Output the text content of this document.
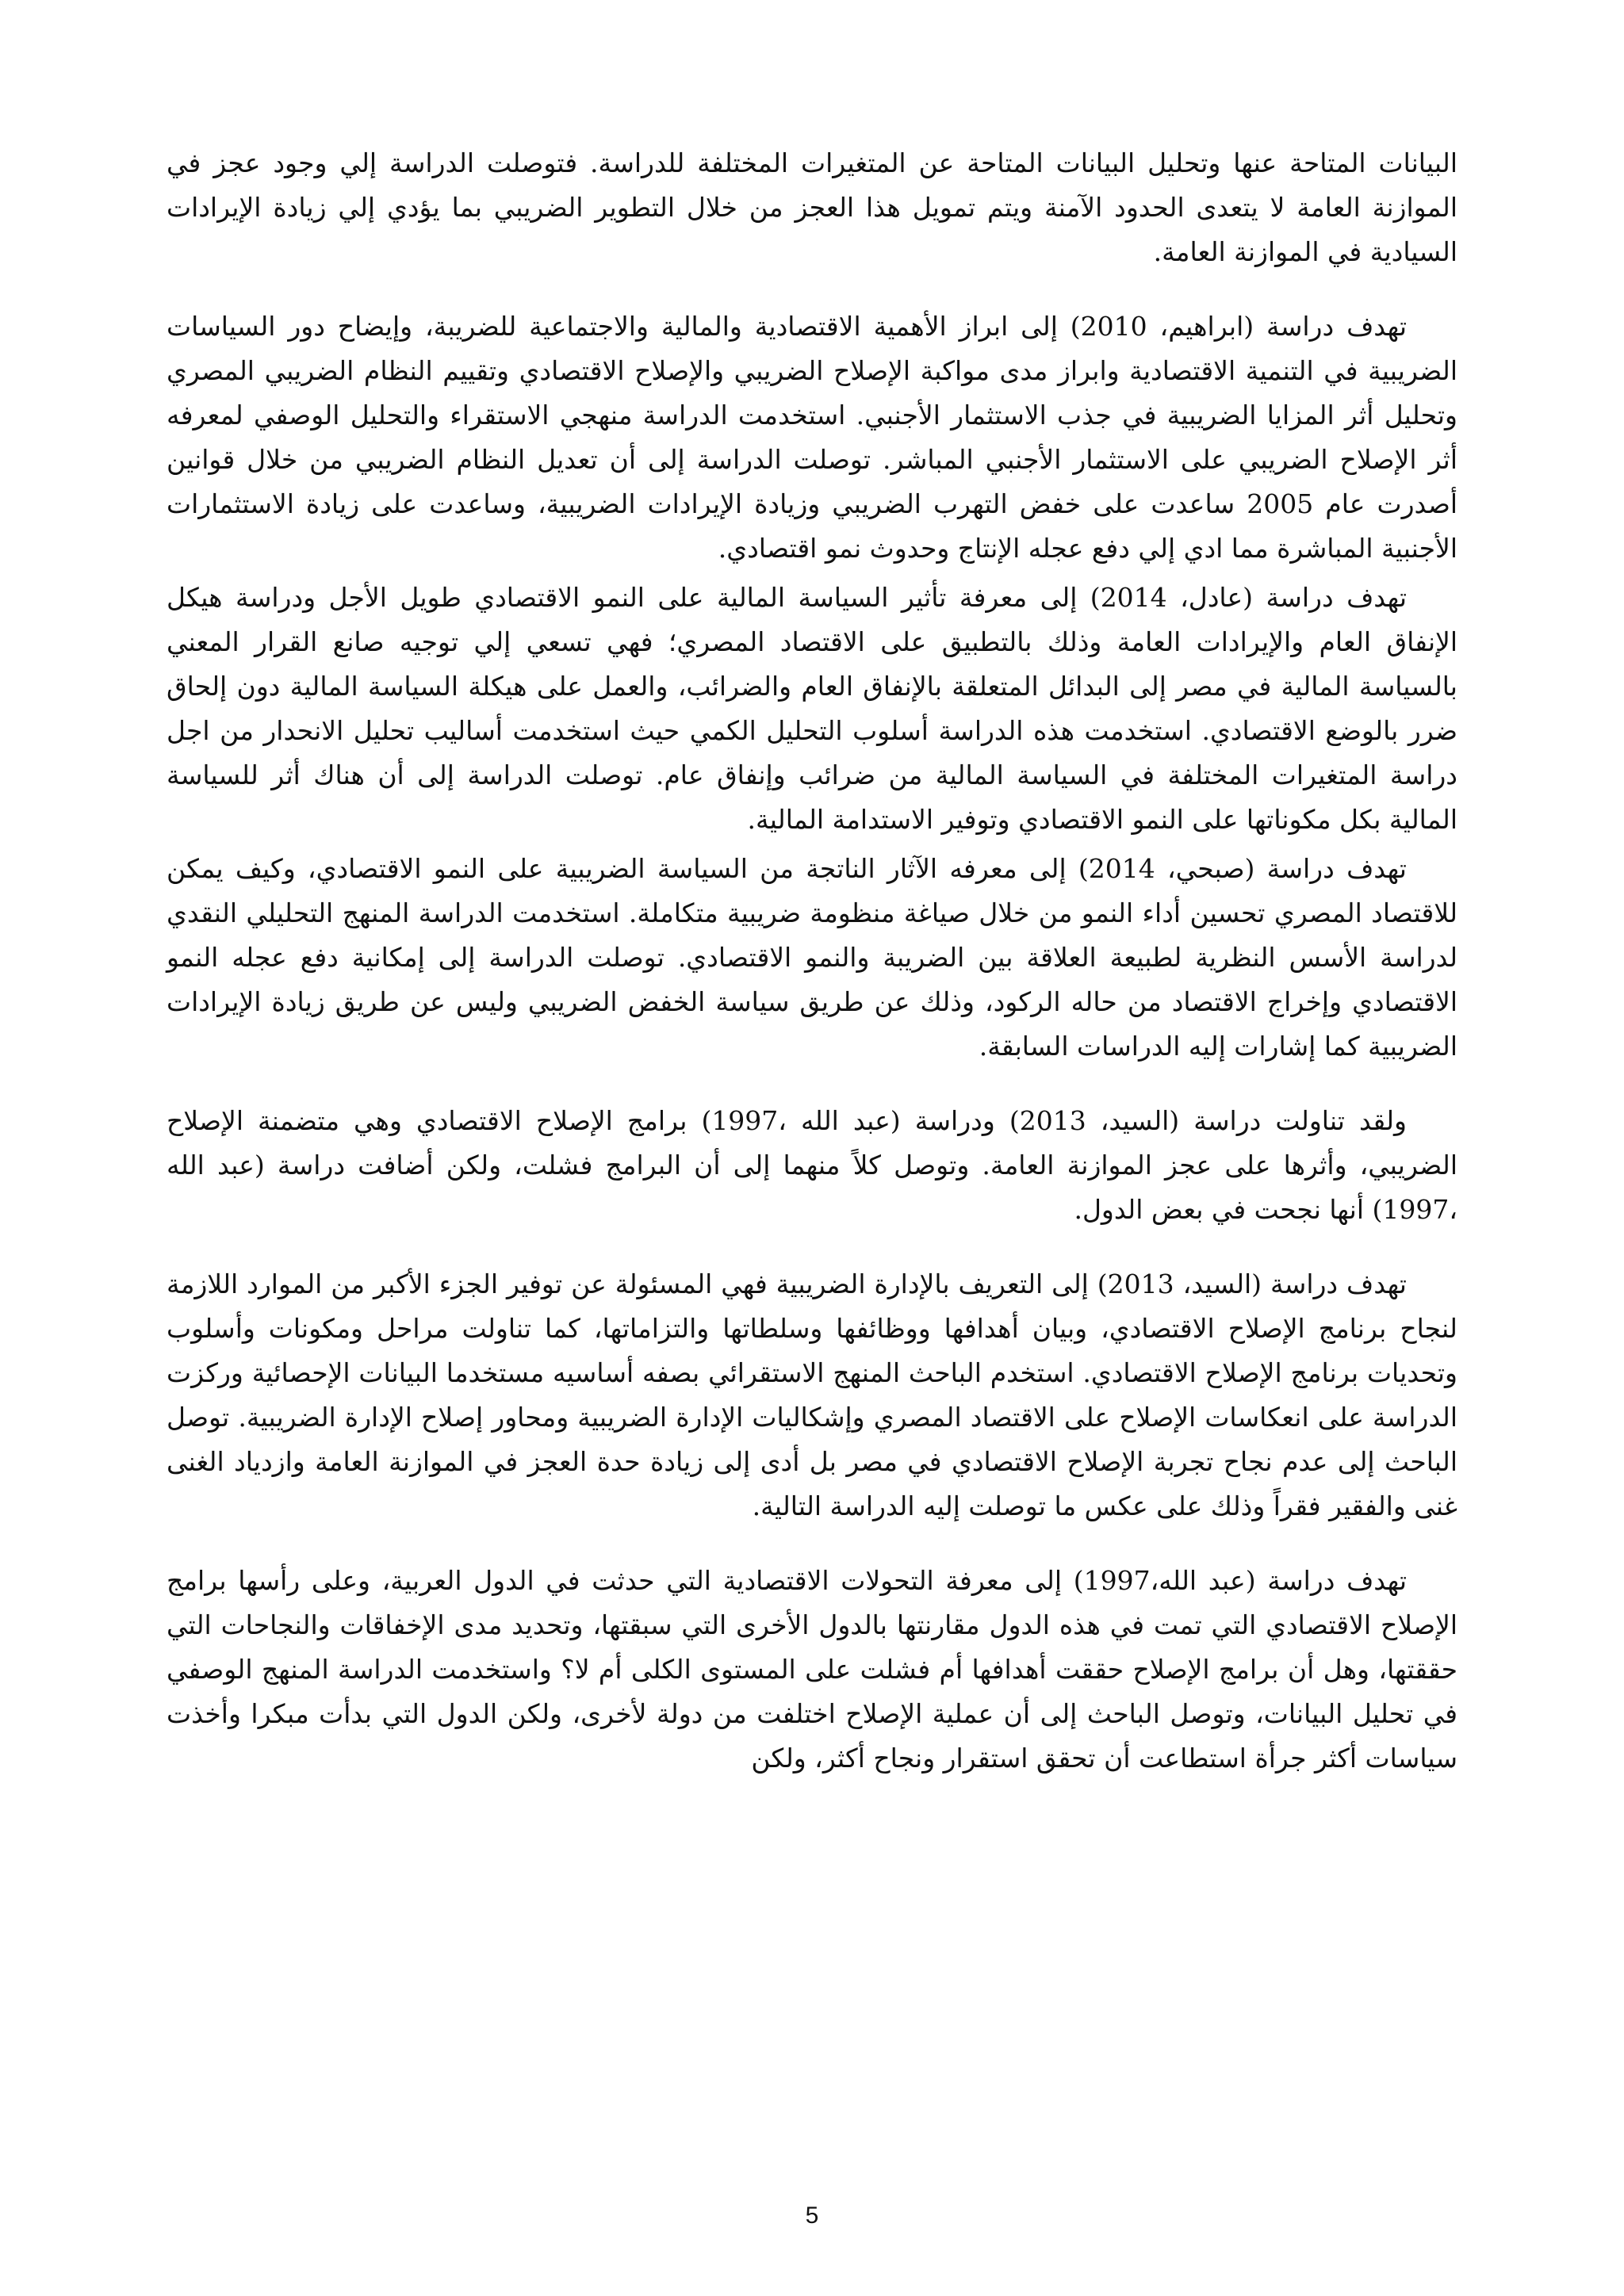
البيانات المتاحة عنها وتحليل البيانات المتاحة عن المتغيرات المختلفة للدراسة. فتوصلت الدراسة إلي وجود عجز في الموازنة العامة لا يتعدى الحدود الآمنة ويتم تمويل هذا العجز من خلال التطوير الضريبي بما يؤدي إلي زيادة الإيرادات السيادية في الموازنة العامة.

تهدف دراسة (ابراهيم، 2010) إلى ابراز الأهمية الاقتصادية والمالية والاجتماعية للضريبة، وإيضاح دور السياسات الضريبية في التنمية الاقتصادية وابراز مدى مواكبة الإصلاح الضريبي والإصلاح الاقتصادي وتقييم النظام الضريبي المصري وتحليل أثر المزايا الضريبية في جذب الاستثمار الأجنبي. استخدمت الدراسة منهجي الاستقراء والتحليل الوصفي لمعرفه أثر الإصلاح الضريبي على الاستثمار الأجنبي المباشر. توصلت الدراسة إلى أن تعديل النظام الضريبي من خلال قوانين أصدرت عام 2005 ساعدت على خفض التهرب الضريبي وزيادة الإيرادات الضريبية، وساعدت على زيادة الاستثمارات الأجنبية المباشرة مما ادي إلي دفع عجله الإنتاج وحدوث نمو اقتصادي.

تهدف دراسة (عادل، 2014) إلى معرفة تأثير السياسة المالية على النمو الاقتصادي طويل الأجل ودراسة هيكل الإنفاق العام والإيرادات العامة وذلك بالتطبيق على الاقتصاد المصري؛ فهي تسعي إلي توجيه صانع القرار المعني بالسياسة المالية في مصر إلى البدائل المتعلقة بالإنفاق العام والضرائب، والعمل على هيكلة السياسة المالية دون إلحاق ضرر بالوضع الاقتصادي. استخدمت هذه الدراسة أسلوب التحليل الكمي حيث استخدمت أساليب تحليل الانحدار من اجل دراسة المتغيرات المختلفة في السياسة المالية من ضرائب وإنفاق عام. توصلت الدراسة إلى أن هناك أثر للسياسة المالية بكل مكوناتها على النمو الاقتصادي وتوفير الاستدامة المالية.

تهدف دراسة (صبحي، 2014) إلى معرفه الآثار الناتجة من السياسة الضريبية على النمو الاقتصادي، وكيف يمكن للاقتصاد المصري تحسين أداء النمو من خلال صياغة منظومة ضريبية متكاملة. استخدمت الدراسة المنهج التحليلي النقدي لدراسة الأسس النظرية لطبيعة العلاقة بين الضريبة والنمو الاقتصادي. توصلت الدراسة إلى إمكانية دفع عجله النمو الاقتصادي وإخراج الاقتصاد من حاله الركود، وذلك عن طريق سياسة الخفض الضريبي وليس عن طريق زيادة الإيرادات الضريبية كما إشارات إليه الدراسات السابقة.

ولقد تناولت دراسة (السيد، 2013) ودراسة (عبد الله ،1997) برامج الإصلاح الاقتصادي وهي متضمنة الإصلاح الضريبي، وأثرها على عجز الموازنة العامة. وتوصل كلاً منهما إلى أن البرامج فشلت، ولكن أضافت دراسة (عبد الله ،1997) أنها نجحت في بعض الدول.

تهدف دراسة (السيد، 2013) إلى التعريف بالإدارة الضريبية فهي المسئولة عن توفير الجزء الأكبر من الموارد اللازمة لنجاح برنامج الإصلاح الاقتصادي، وبيان أهدافها ووظائفها وسلطاتها والتزاماتها، كما تناولت مراحل ومكونات وأسلوب وتحديات برنامج الإصلاح الاقتصادي. استخدم الباحث المنهج الاستقرائي بصفه أساسيه مستخدما البيانات الإحصائية وركزت الدراسة على انعكاسات الإصلاح على الاقتصاد المصري وإشكاليات الإدارة الضريبية ومحاور إصلاح الإدارة الضريبية. توصل الباحث إلى عدم نجاح تجربة الإصلاح الاقتصادي في مصر بل أدى إلى زيادة حدة العجز في الموازنة العامة وازدياد الغنى غنى والفقير فقراً وذلك على عكس ما توصلت إليه الدراسة التالية.

تهدف دراسة (عبد الله،1997) إلى معرفة التحولات الاقتصادية التي حدثت في الدول العربية، وعلى رأسها برامج الإصلاح الاقتصادي التي تمت في هذه الدول مقارنتها بالدول الأخرى التي سبقتها، وتحديد مدى الإخفاقات والنجاحات التي حققتها، وهل أن برامج الإصلاح حققت أهدافها أم فشلت على المستوى الكلى أم لا؟ واستخدمت الدراسة المنهج الوصفي في تحليل البيانات، وتوصل الباحث إلى أن عملية الإصلاح اختلفت من دولة لأخرى، ولكن الدول التي بدأت مبكرا وأخذت سياسات أكثر جرأة استطاعت أن تحقق استقرار ونجاح أكثر، ولكن

5
